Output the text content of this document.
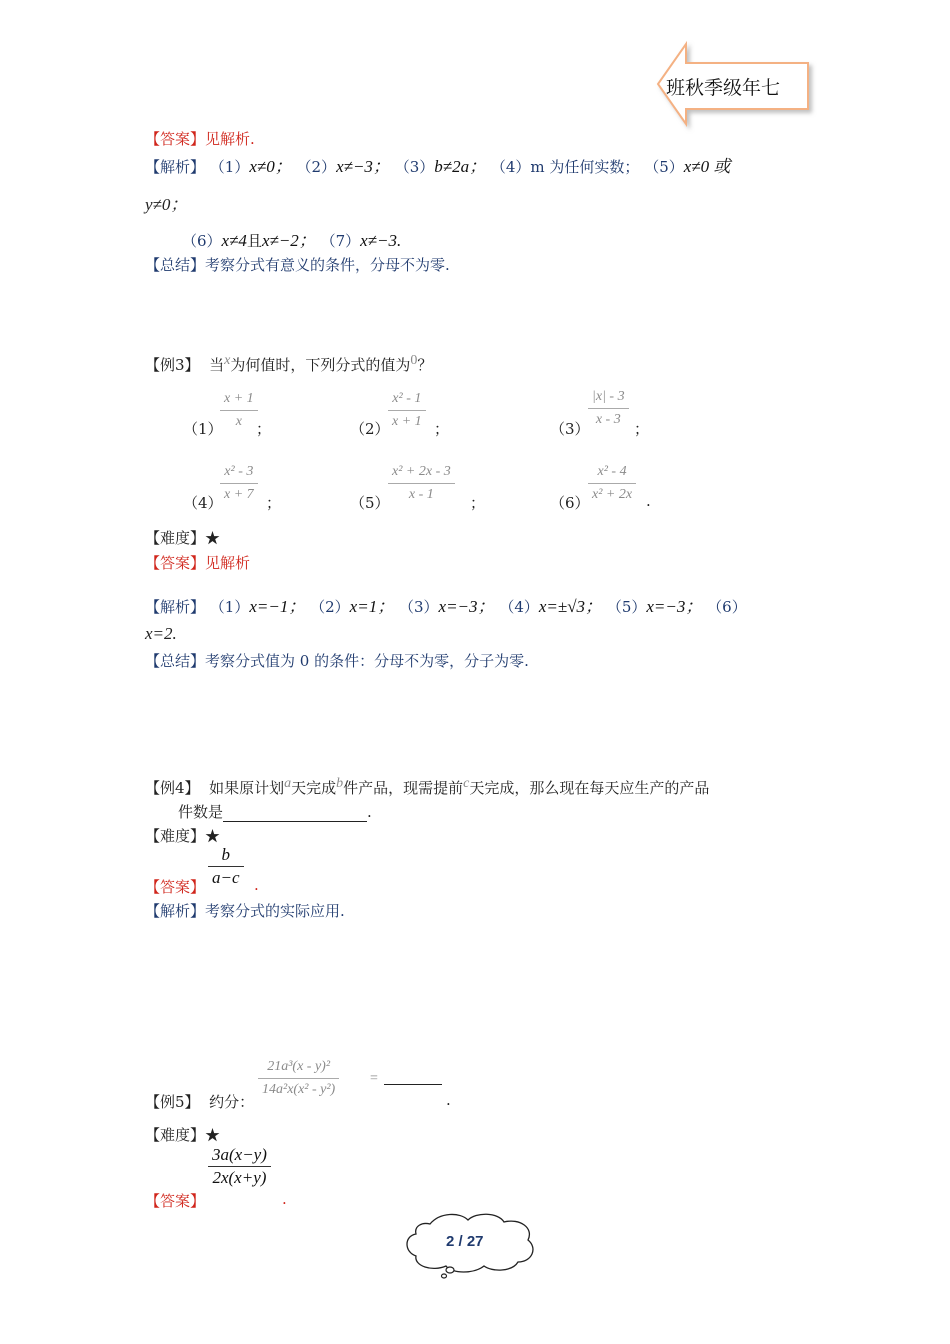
班秋季级年七
【答案】见解析.
【解析】 （1）x≠0； （2）x≠−3； （3）b≠2a； （4）m 为任何实数； （5）x≠0 或
y≠0；
（6）x≠4且x≠−2； （7）x≠−3.
【总结】考察分式有意义的条件，分母不为零.
【例3】 当$^x$为何值时，下列分式的值为$^0$？
（1）
x + 1
x ；	（2）
x² - 1
x + 1 ；	（3）
|x| - 3
x - 3
；
（4）
x² - 3
x + 7 ；	（5）
x² + 2x - 3
x - 1 ；	（6）
x² - 4
x² + 2x .
【难度】★
【答案】见解析
【解析】 （1）x=−1； （2）x=1； （3）x=−3； （4）x=±√3； （5）x=−3； （6）
x=2.
【总结】考察分式值为 0 的条件：分母不为零，分子为零.
【例4】 如果原计划$^a$天完成$^b$件产品，现需提前$^c$天完成，那么现在每天应生产的产品
件数是	.
【难度】★
【答案】
b
a−c .
【解析】考察分式的实际应用.
【例5】 约分：
21a³(x - y)²
14a²x(x² - y²)
=
.
【难度】★
【答案】
3a(x−y)
2x(x+y)
.
2 / 27
